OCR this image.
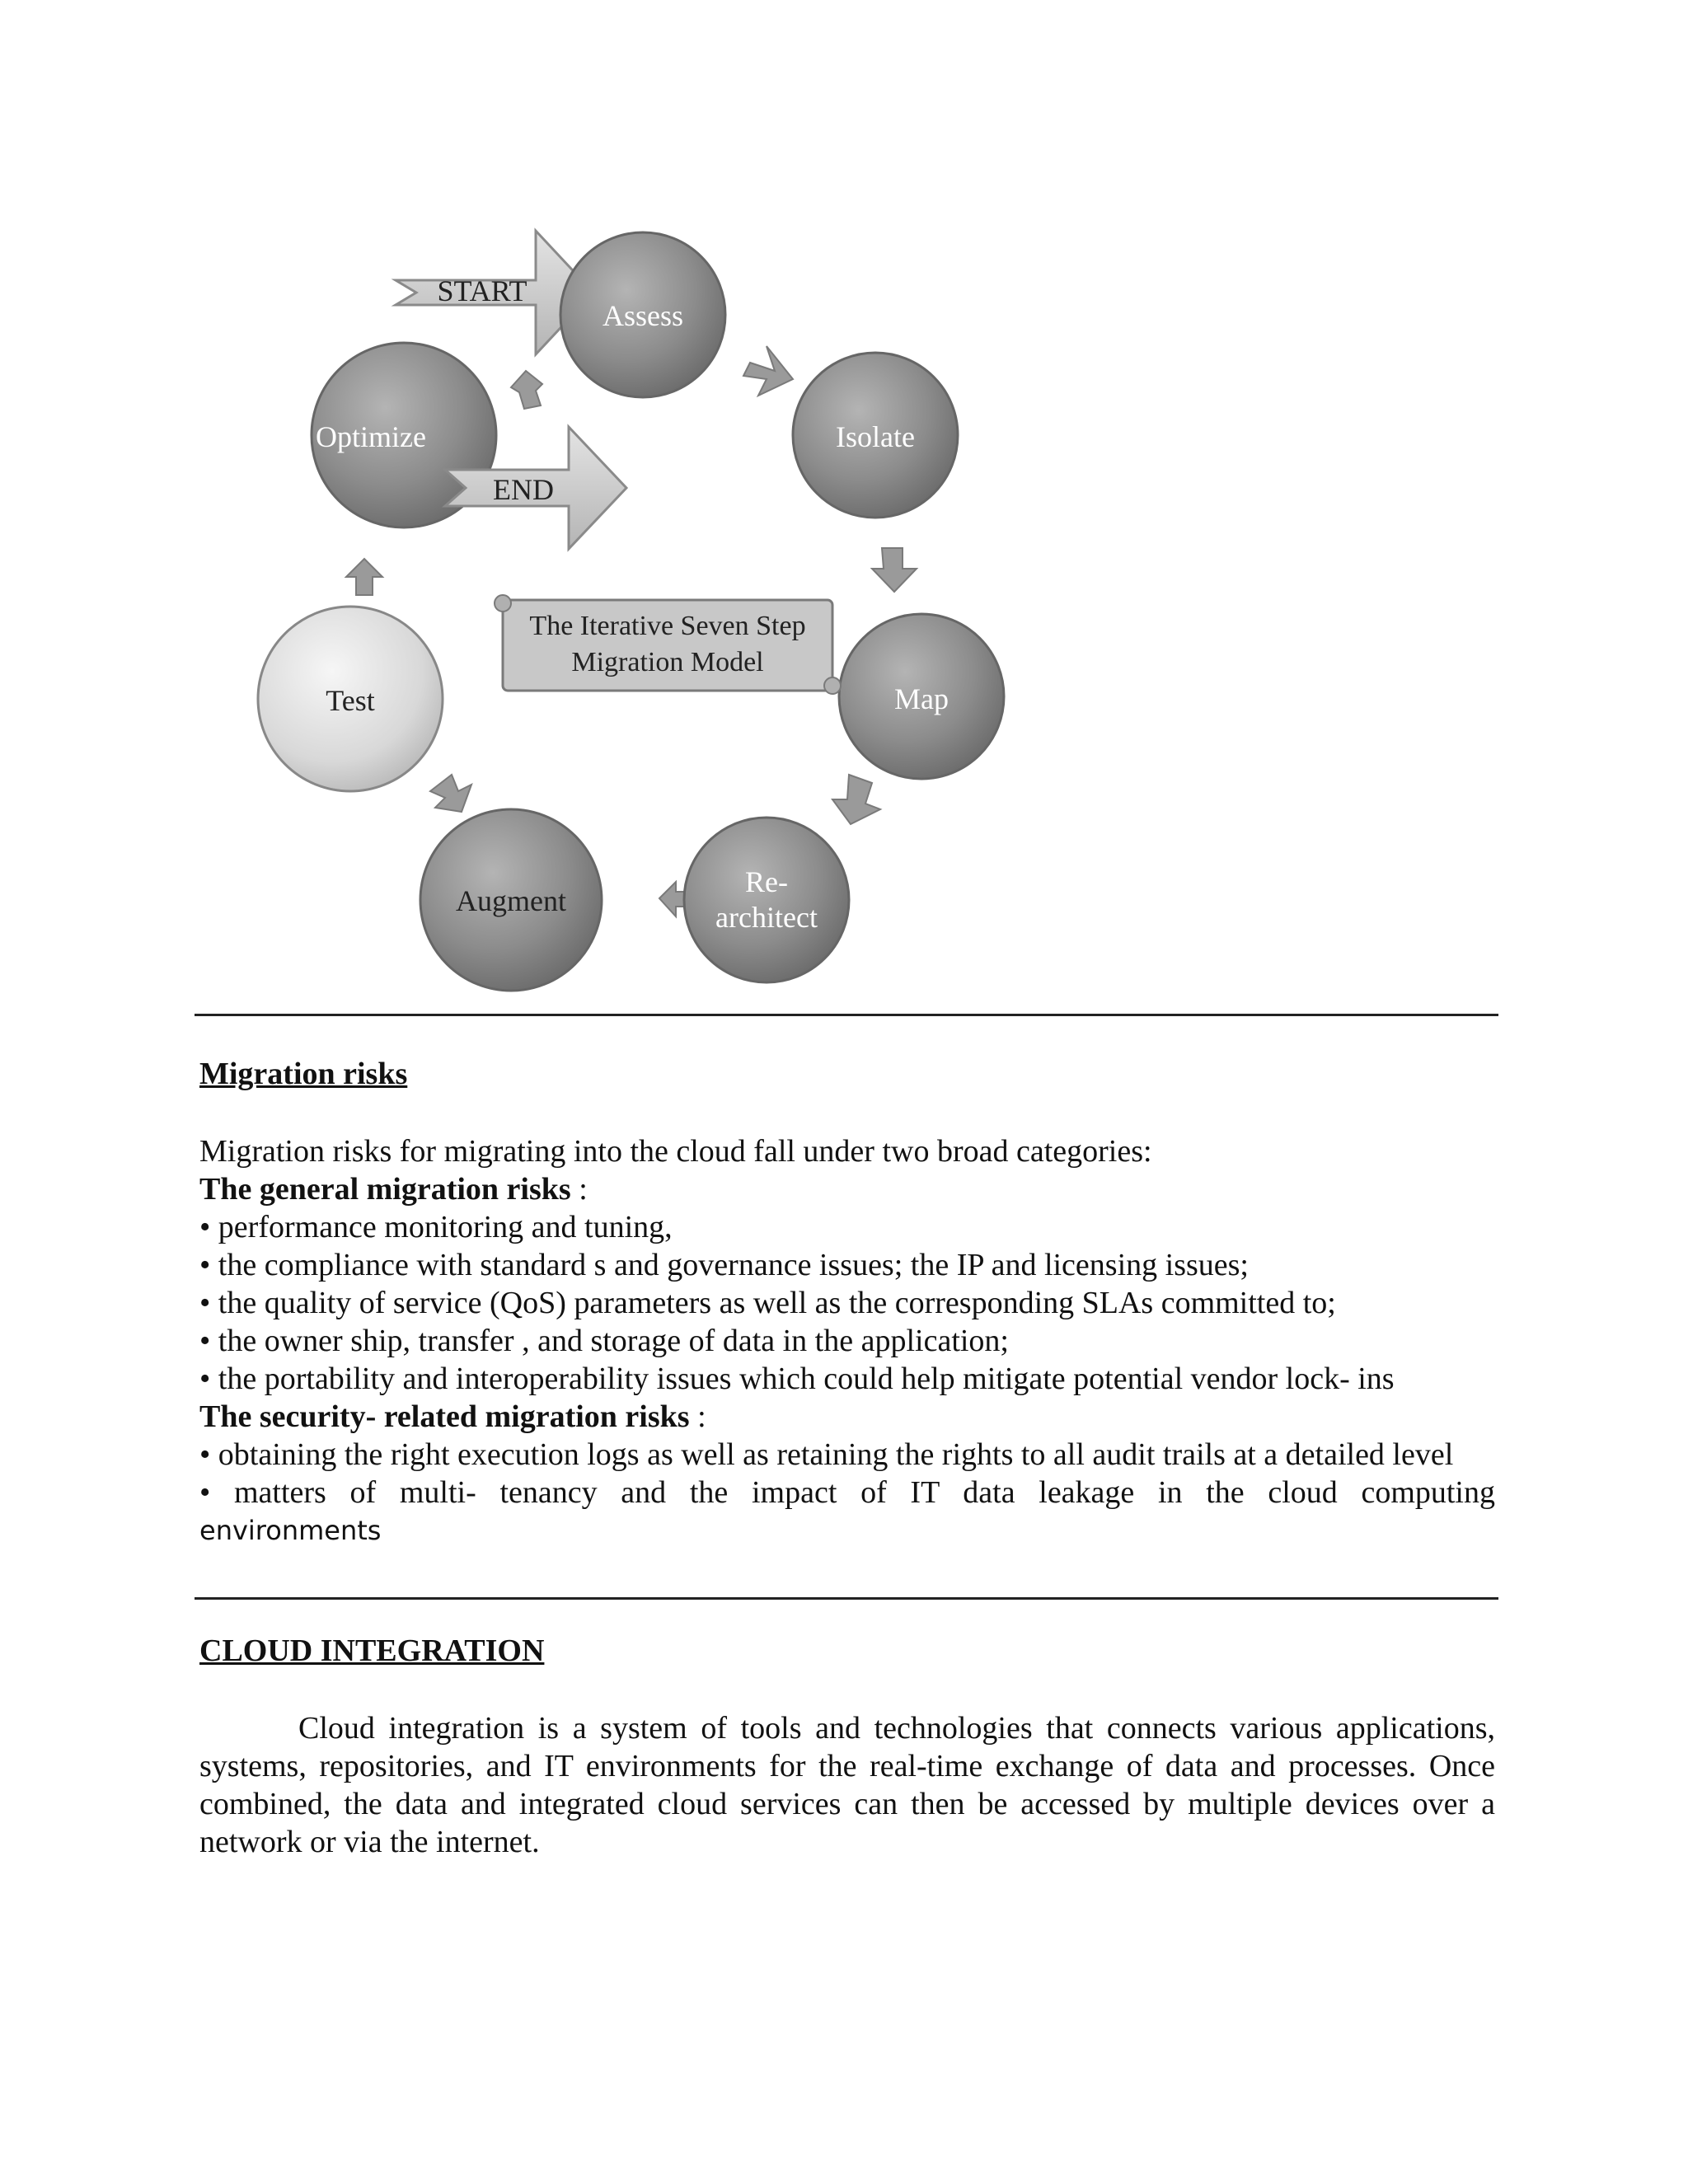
START
Assess
Isolate
Map
Re-
architect
Augment
Test
Optimize
END
The Iterative Seven Step
Migration Model
Migration risks

Migration risks for migrating into the cloud fall under two broad categories:

The general migration risks :

• performance monitoring and tuning,

• the compliance with standard s and governance issues; the IP and licensing issues;

• the quality of service (QoS) parameters as well as the corresponding SLAs committed to;

• the owner ship, transfer , and storage of data in the application;

• the portability and interoperability issues which could help mitigate potential vendor lock- ins

The security- related migration risks :

• obtaining the right execution logs as well as retaining the rights to all audit trails at a detailed level

• matters of multi- tenancy and the impact of IT data leakage in the cloud computing

environments

CLOUD INTEGRATION

Cloud integration is a system of tools and technologies that connects various applications, systems, repositories, and IT environments for the real-time exchange of data and processes. Once combined, the data and integrated cloud services can then be accessed by multiple devices over a network or via the internet.
